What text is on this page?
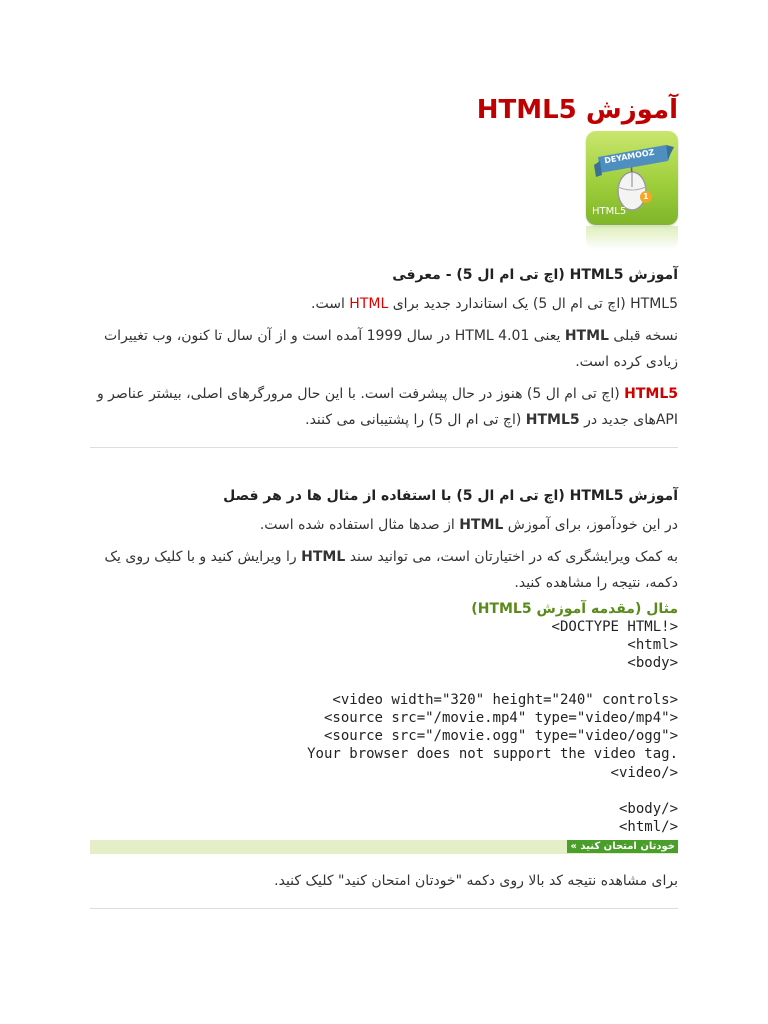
آموزش HTML5
DEYAMOOZ
1
HTML5
آموزش HTML5 (اچ تی ام ال 5) - معرفی

HTML5 (اچ تی ام ال 5) یک استاندارد جدید برای HTML است.

نسخه قبلی HTML یعنی HTML 4.01 در سال 1999 آمده است و از آن سال تا کنون، وب تغییرات زیادی کرده است.

HTML5 (اچ تی ام ال 5) هنوز در حال پیشرفت است. با این حال مرورگرهای اصلی، بیشتر عناصر و APIهای جدید در HTML5 (اچ تی ام ال 5) را پشتیبانی می کنند.

آموزش HTML5 (اچ تی ام ال 5) با استفاده از مثال ها در هر فصل

در این خودآموز، برای آموزش HTML از صدها مثال استفاده شده است.

به کمک ویرایشگری که در اختیارتان است، می توانید سند HTML را ویرایش کنید و با کلیک روی یک دکمه، نتیجه را مشاهده کنید.

مثال (مقدمه آموزش HTML5)
<!DOCTYPE HTML>
<html>
<body>

<video width="320" height="240" controls>
<"source src="/movie.mp4" type="video/mp4>
<"source src="/movie.ogg" type="video/ogg>
.Your browser does not support the video tag
</video>

</body>
</html>
خودتان امتحان کنید »

برای مشاهده نتیجه کد بالا روی دکمه "خودتان امتحان کنید" کلیک کنید.
